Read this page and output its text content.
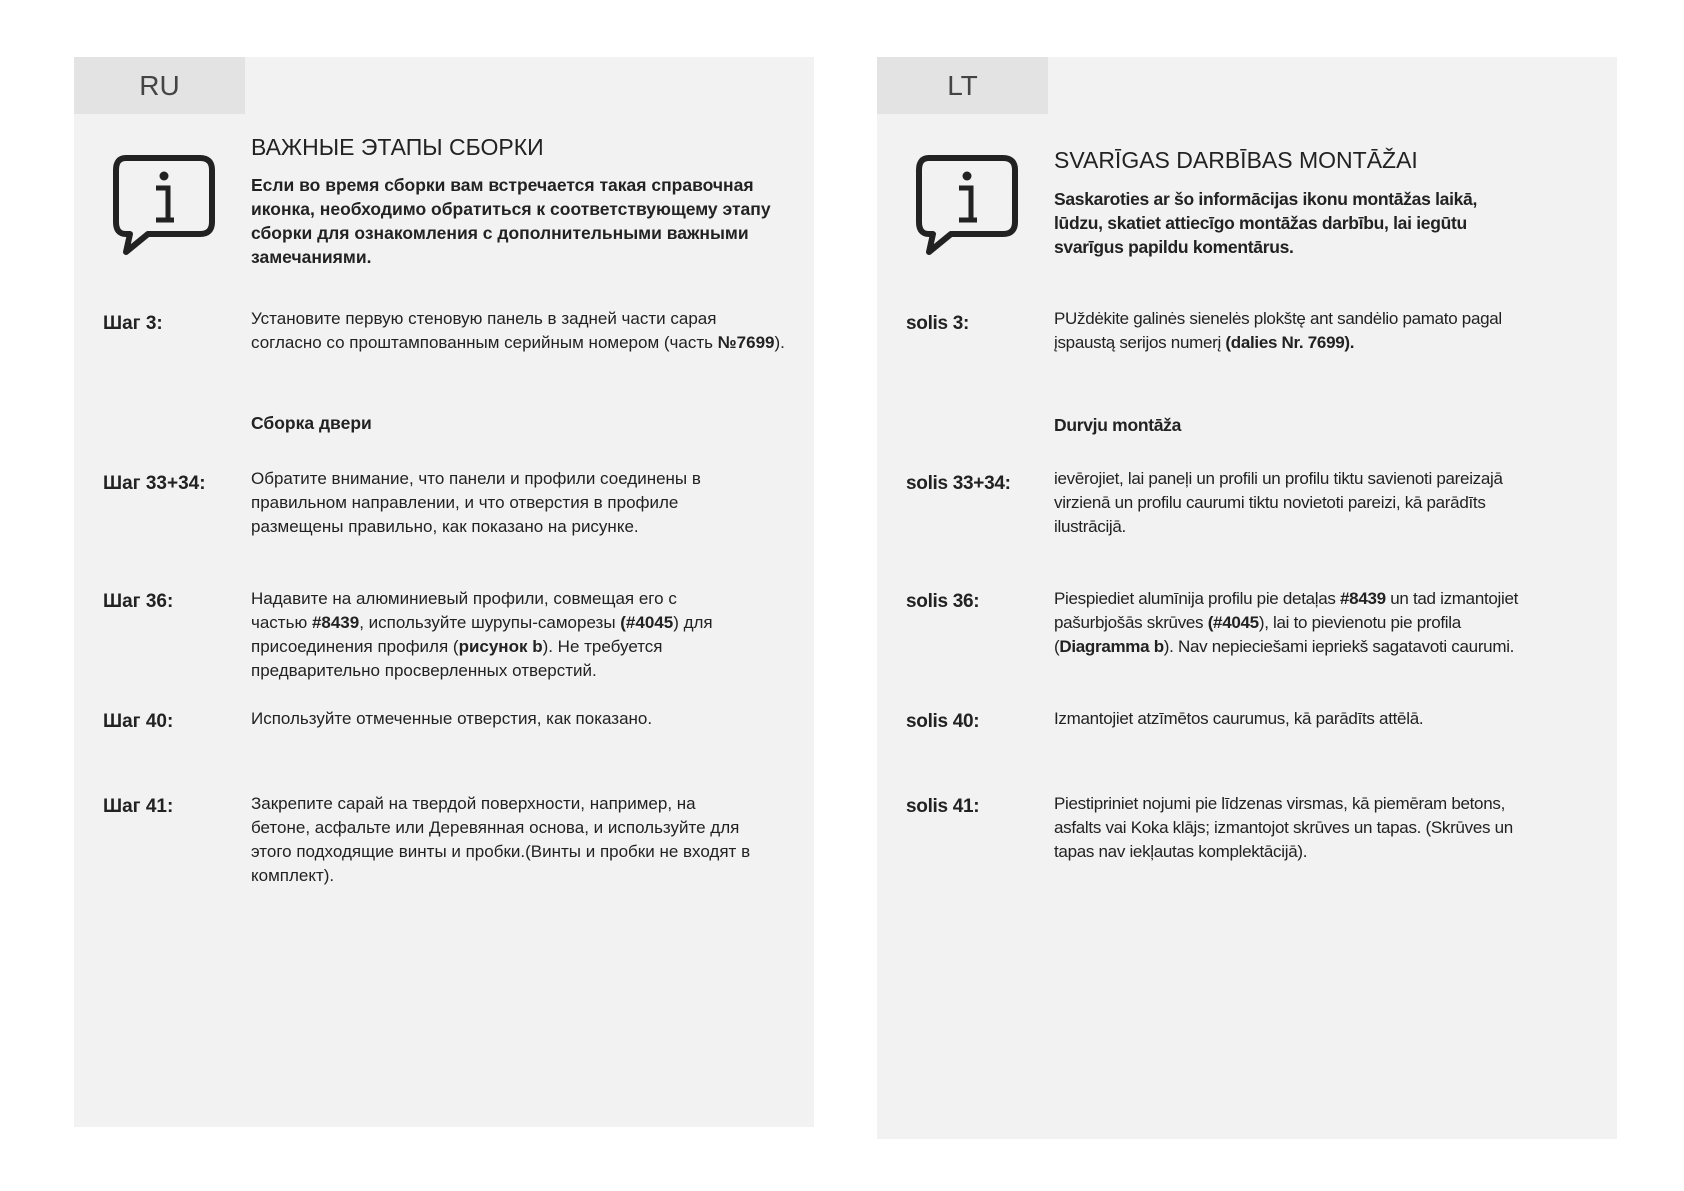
RU
ВАЖНЫЕ ЭТАПЫ СБОРКИ

Если во время сборки вам встречается такая справочная иконка, необходимо обратиться к соответствующему этапу сборки для ознакомления с дополнительными важными замечаниями.

Шаг 3:	Установите первую стеновую панель в задней части сарая согласно со проштампованным серийным номером (часть №7699).

Сборка двери
Шаг 33+34:	Обратите внимание, что панели и профили соединены в правильном направлении, и что отверстия в профиле размещены правильно, как показано на рисунке.

Шаг 36:	Надавите на алюминиевый профили, совмещая его с частью #8439, используйте шурупы-саморезы (#4045) для присоединения профиля (рисунок b). Не требуется предварительно просверленных отверстий.

Шаг 40:	Используйте отмеченные отверстия, как показано.

Шаг 41:	Закрепите сарай на твердой поверхности, например, на бетоне, асфальте или Деревянная основа, и используйте для этого подходящие винты и пробки.(Винты и пробки не входят в комплект).

LT
SVARĪGAS DARBĪBAS MONTĀŽAI

Saskaroties ar šo informācijas ikonu montāžas laikā, lūdzu, skatiet attiecīgo montāžas darbību, lai iegūtu svarīgus papildu komentārus.

solis 3:	PUždėkite galinės sienelės plokštę ant sandėlio pamato pagal įspaustą serijos numerį (dalies Nr. 7699).

Durvju montāža
solis 33+34:	ievērojiet, lai paneļi un profili un profilu tiktu savienoti pareizajā virzienā un profilu caurumi tiktu novietoti pareizi, kā parādīts ilustrācijā.

solis 36:	Piespiediet alumīnija profilu pie detaļas #8439 un tad izmantojiet pašurbjošās skrūves (#4045), lai to pievienotu pie profila (Diagramma b). Nav nepieciešami iepriekš sagatavoti caurumi.

solis 40:	Izmantojiet atzīmētos caurumus, kā parādīts attēlā.

solis 41:	Piestipriniet nojumi pie līdzenas virsmas, kā piemēram betons, asfalts vai Koka klājs; izmantojot skrūves un tapas. (Skrūves un tapas nav iekļautas komplektācijā).
